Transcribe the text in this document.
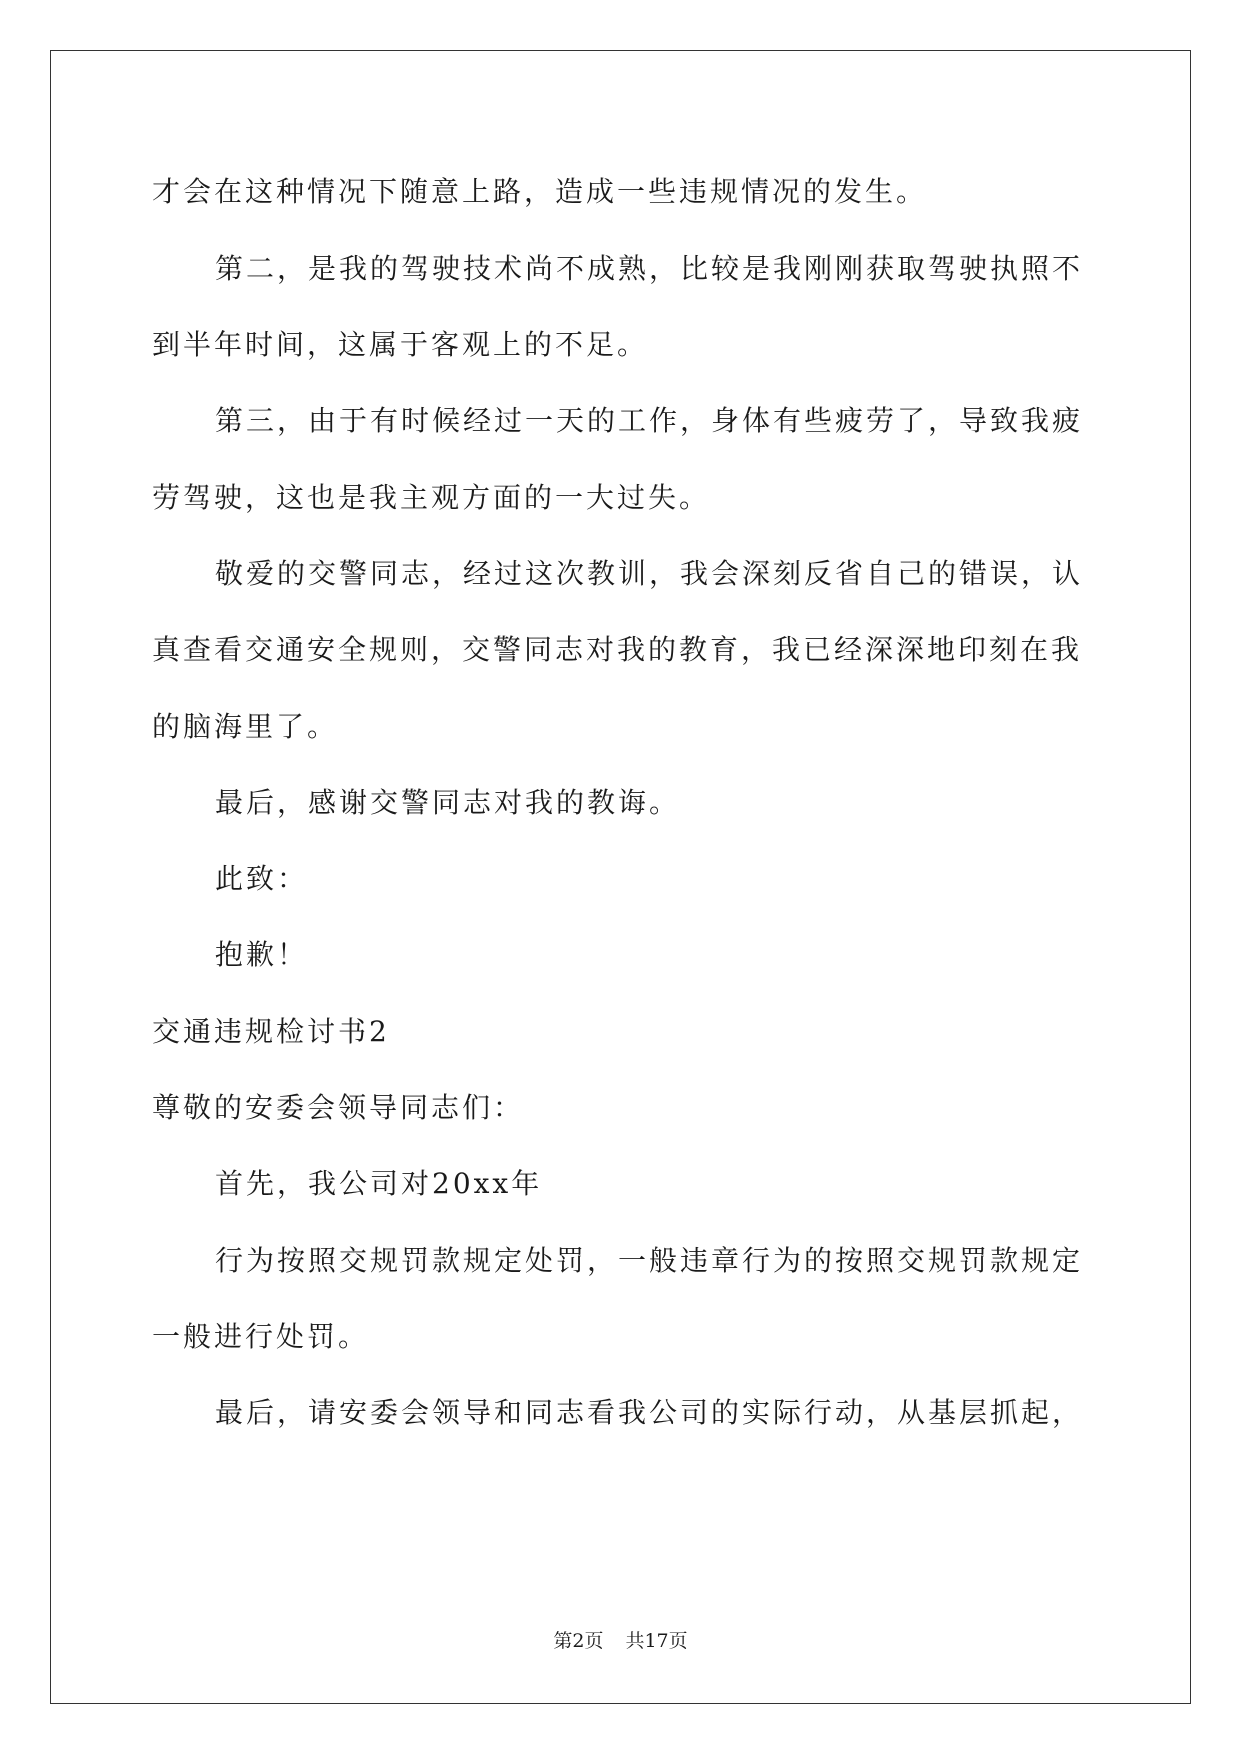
才会在这种情况下随意上路，造成一些违规情况的发生。
第二，是我的驾驶技术尚不成熟，比较是我刚刚获取驾驶执照不
到半年时间，这属于客观上的不足。
第三，由于有时候经过一天的工作，身体有些疲劳了，导致我疲
劳驾驶，这也是我主观方面的一大过失。
敬爱的交警同志，经过这次教训，我会深刻反省自己的错误，认
真查看交通安全规则，交警同志对我的教育，我已经深深地印刻在我
的脑海里了。
最后，感谢交警同志对我的教诲。
此致：
抱歉！
交通违规检讨书2
尊敬的安委会领导同志们：
首先，我公司对20xx年
行为按照交规罚款规定处罚，一般违章行为的按照交规罚款规定
一般进行处罚。
最后，请安委会领导和同志看我公司的实际行动，从基层抓起，
第2页 共17页
